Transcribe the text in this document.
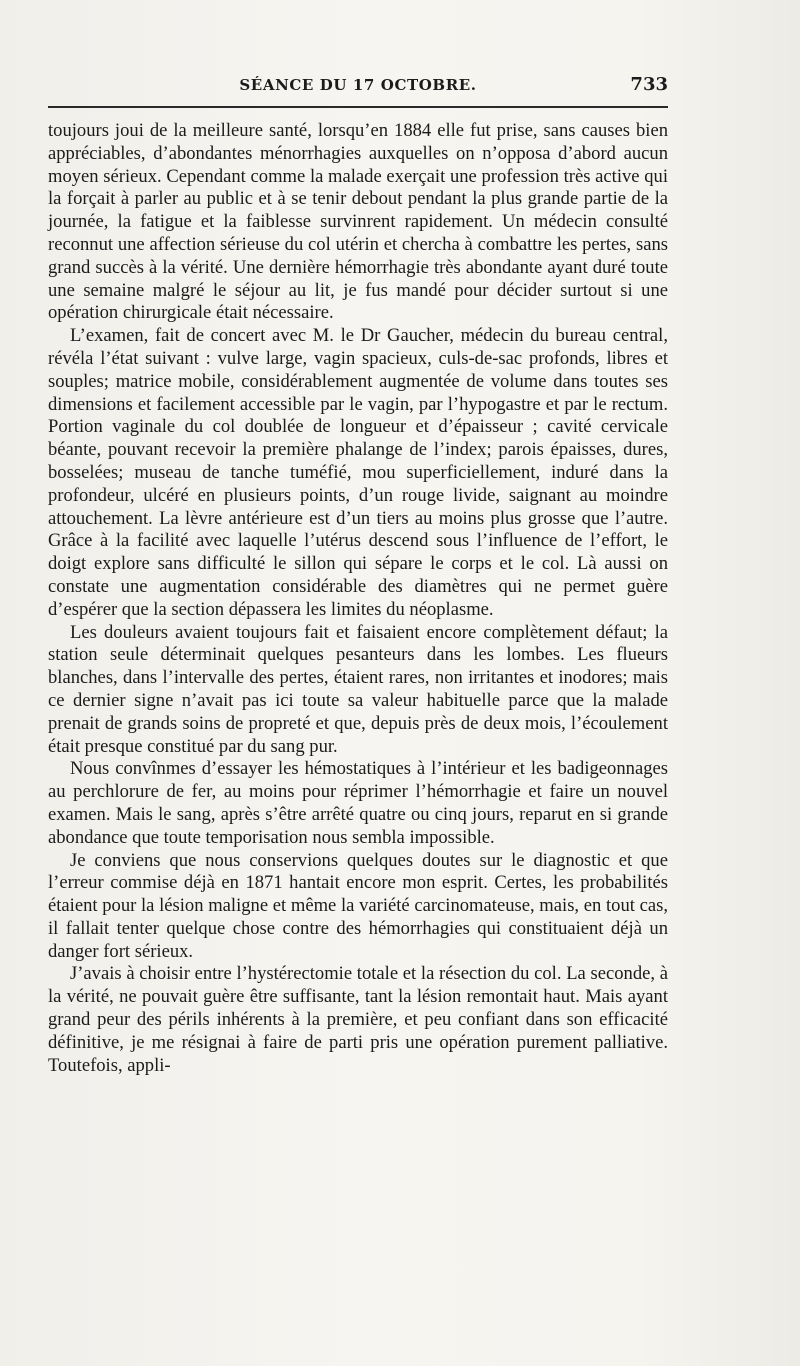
SÉANCE DU 17 OCTOBRE.	733

toujours joui de la meilleure santé, lorsqu’en 1884 elle fut prise, sans causes bien appréciables, d’abondantes ménorrhagies auxquelles on n’opposa d’abord aucun moyen sérieux. Cependant comme la malade exerçait une profession très active qui la forçait à parler au public et à se tenir debout pendant la plus grande partie de la journée, la fatigue et la faiblesse survinrent rapidement. Un médecin consulté reconnut une affection sérieuse du col utérin et chercha à combattre les pertes, sans grand succès à la vérité. Une dernière hémorrhagie très abondante ayant duré toute une semaine malgré le séjour au lit, je fus mandé pour décider surtout si une opération chirurgicale était nécessaire.

L’examen, fait de concert avec M. le Dr Gaucher, médecin du bureau central, révéla l’état suivant : vulve large, vagin spacieux, culs-de-sac profonds, libres et souples; matrice mobile, considérablement augmentée de volume dans toutes ses dimensions et facilement accessible par le vagin, par l’hypogastre et par le rectum. Portion vaginale du col doublée de longueur et d’épaisseur ; cavité cervicale béante, pouvant recevoir la première phalange de l’index; parois épaisses, dures, bosselées; museau de tanche tuméfié, mou superficiellement, induré dans la profondeur, ulcéré en plusieurs points, d’un rouge livide, saignant au moindre attouchement. La lèvre antérieure est d’un tiers au moins plus grosse que l’autre. Grâce à la facilité avec laquelle l’utérus descend sous l’influence de l’effort, le doigt explore sans difficulté le sillon qui sépare le corps et le col. Là aussi on constate une augmentation considérable des diamètres qui ne permet guère d’espérer que la section dépassera les limites du néoplasme.

Les douleurs avaient toujours fait et faisaient encore complètement défaut; la station seule déterminait quelques pesanteurs dans les lombes. Les flueurs blanches, dans l’intervalle des pertes, étaient rares, non irritantes et inodores; mais ce dernier signe n’avait pas ici toute sa valeur habituelle parce que la malade prenait de grands soins de propreté et que, depuis près de deux mois, l’écoulement était presque constitué par du sang pur.

Nous convînmes d’essayer les hémostatiques à l’intérieur et les badigeonnages au perchlorure de fer, au moins pour réprimer l’hémorrhagie et faire un nouvel examen. Mais le sang, après s’être arrêté quatre ou cinq jours, reparut en si grande abondance que toute temporisation nous sembla impossible.

Je conviens que nous conservions quelques doutes sur le diagnostic et que l’erreur commise déjà en 1871 hantait encore mon esprit. Certes, les probabilités étaient pour la lésion maligne et même la variété carcinomateuse, mais, en tout cas, il fallait tenter quelque chose contre des hémorrhagies qui constituaient déjà un danger fort sérieux.

J’avais à choisir entre l’hystérectomie totale et la résection du col. La seconde, à la vérité, ne pouvait guère être suffisante, tant la lésion remontait haut. Mais ayant grand peur des périls inhérents à la première, et peu confiant dans son efficacité définitive, je me résignai à faire de parti pris une opération purement palliative. Toutefois, appli-
